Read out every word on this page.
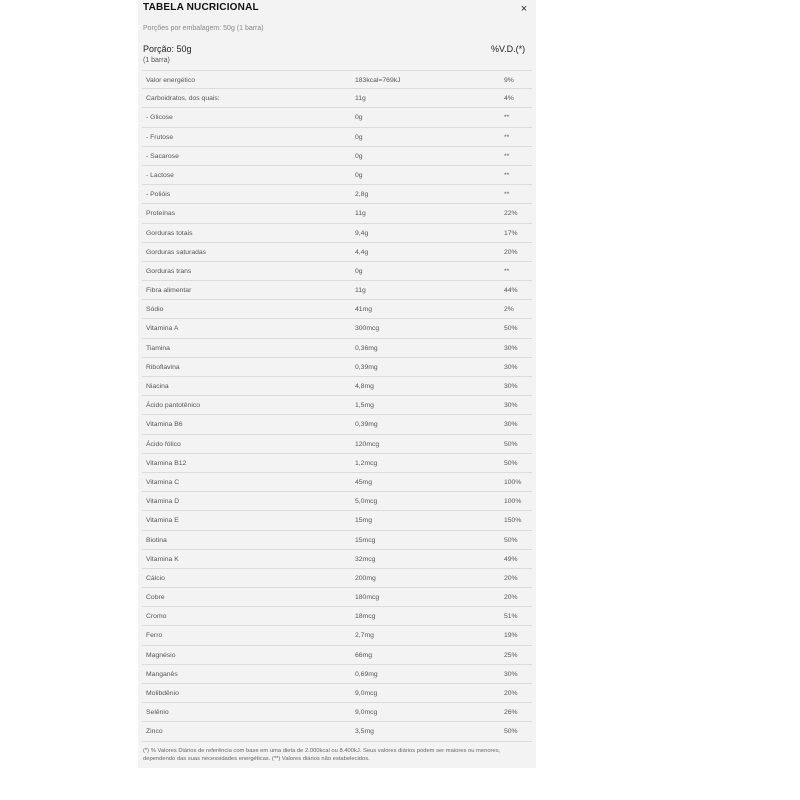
TABELA NUCRICIONAL	×
Porções por embalagem: 50g (1 barra)
Porção: 50g
(1 barra)
%V.D.(*)
Valor energético	183kcal=769kJ	9%
Carboidratos, dos quais:	11g	4%
- Glicose	0g	**
- Frutose	0g	**
- Sacarose	0g	**
- Lactose	0g	**
- Polióis	2,8g	**
Proteínas	11g	22%
Gorduras totais	9,4g	17%
Gorduras saturadas	4,4g	20%
Gorduras trans	0g	**
Fibra alimentar	11g	44%
Sódio	41mg	2%
Vitamina A	300mcg	50%
Tiamina	0,36mg	30%
Riboflavina	0,39mg	30%
Niacina	4,8mg	30%
Ácido pantotênico	1,5mg	30%
Vitamina B6	0,39mg	30%
Ácido fólico	120mcg	50%
Vitamina B12	1,2mcg	50%
Vitamina C	45mg	100%
Vitamina D	5,0mcg	100%
Vitamina E	15mg	150%
Biotina	15mcg	50%
Vitamina K	32mcg	49%
Cálcio	200mg	20%
Cobre	180mcg	20%
Cromo	18mcg	51%
Ferro	2,7mg	19%
Magnésio	66mg	25%
Manganês	0,69mg	30%
Molibdênio	9,0mcg	20%
Selênio	9,0mcg	26%
Zinco	3,5mg	50%
(*) % Valores Diários de referência com base em uma dieta de 2.000kcal ou 8.400kJ. Seus valores diários podem ser maiores ou menores, dependendo das suas necessidades energéticas. (**) Valores diários não estabelecidos.
